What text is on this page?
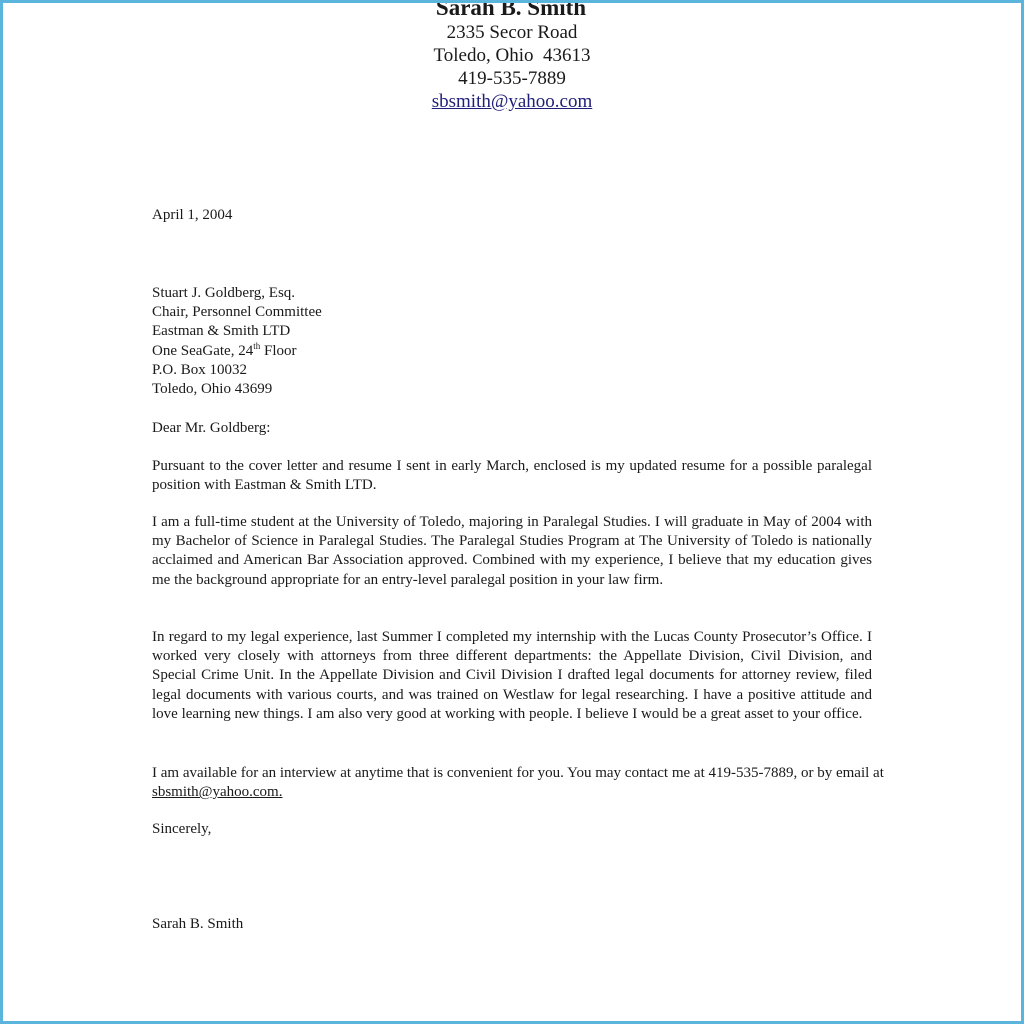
Sarah B. Smith
2335 Secor Road
Toledo, Ohio  43613
419-535-7889
sbsmith@yahoo.com
April 1, 2004
Stuart J. Goldberg, Esq.
Chair, Personnel Committee
Eastman & Smith LTD
One SeaGate, 24th Floor
P.O. Box 10032
Toledo, Ohio 43699
Dear Mr. Goldberg:
Pursuant to the cover letter and resume I sent in early March, enclosed is my updated resume for a possible paralegal position with Eastman & Smith LTD.
I am a full-time student at the University of Toledo, majoring in Paralegal Studies. I will graduate in May of 2004 with my Bachelor of Science in Paralegal Studies. The Paralegal Studies Program at The University of Toledo is nationally acclaimed and American Bar Association approved. Combined with my experience, I believe that my education gives me the background appropriate for an entry-level paralegal position in your law firm.
In regard to my legal experience, last Summer I completed my internship with the Lucas County Prosecutor’s Office. I worked very closely with attorneys from three different departments: the Appellate Division, Civil Division, and Special Crime Unit. In the Appellate Division and Civil Division I drafted legal documents for attorney review, filed legal documents with various courts, and was trained on Westlaw for legal researching. I have a positive attitude and love learning new things. I am also very good at working with people. I believe I would be a great asset to your office.
I am available for an interview at anytime that is convenient for you. You may contact me at 419-535-7889, or by email at sbsmith@yahoo.com.
Sincerely,
Sarah B. Smith
